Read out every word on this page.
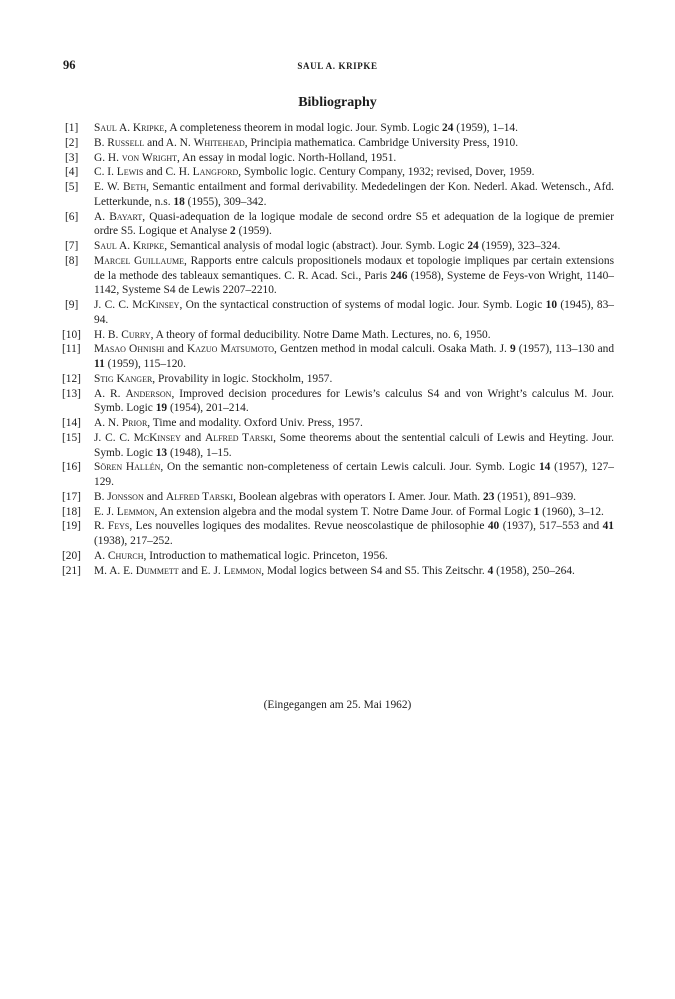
96	SAUL A. KRIPKE
Bibliography
[1] Saul A. Kripke, A completeness theorem in modal logic. Jour. Symb. Logic 24 (1959), 1–14.
[2] B. Russell and A. N. Whitehead, Principia mathematica. Cambridge University Press, 1910.
[3] G. H. von Wright, An essay in modal logic. North-Holland, 1951.
[4] C. I. Lewis and C. H. Langford, Symbolic logic. Century Company, 1932; revised, Dover, 1959.
[5] E. W. Beth, Semantic entailment and formal derivability. Mededelingen der Kon. Nederl. Akad. Wetensch., Afd. Letterkunde, n.s. 18 (1955), 309–342.
[6] A. Bayart, Quasi-adequation de la logique modale de second ordre S5 et adequation de la logique de premier ordre S5. Logique et Analyse 2 (1959).
[7] Saul A. Kripke, Semantical analysis of modal logic (abstract). Jour. Symb. Logic 24 (1959), 323–324.
[8] Marcel Guillaume, Rapports entre calculs propositionels modaux et topologie impliques par certain extensions de la methode des tableaux semantiques. C. R. Acad. Sci., Paris 246 (1958), Systeme de Feys-von Wright, 1140–1142, Systeme S4 de Lewis 2207–2210.
[9] J. C. C. McKinsey, On the syntactical construction of systems of modal logic. Jour. Symb. Logic 10 (1945), 83–94.
[10] H. B. Curry, A theory of formal deducibility. Notre Dame Math. Lectures, no. 6, 1950.
[11] Masao Ohnishi and Kazuo Matsumoto, Gentzen method in modal calculi. Osaka Math. J. 9 (1957), 113–130 and 11 (1959), 115–120.
[12] Stig Kanger, Provability in logic. Stockholm, 1957.
[13] A. R. Anderson, Improved decision procedures for Lewis’s calculus S4 and von Wright’s calculus M. Jour. Symb. Logic 19 (1954), 201–214.
[14] A. N. Prior, Time and modality. Oxford Univ. Press, 1957.
[15] J. C. C. McKinsey and Alfred Tarski, Some theorems about the sentential calculi of Lewis and Heyting. Jour. Symb. Logic 13 (1948), 1–15.
[16] Sören Hallén, On the semantic non-completeness of certain Lewis calculi. Jour. Symb. Logic 14 (1957), 127–129.
[17] B. Jonsson and Alfred Tarski, Boolean algebras with operators I. Amer. Jour. Math. 23 (1951), 891–939.
[18] E. J. Lemmon, An extension algebra and the modal system T. Notre Dame Jour. of Formal Logic 1 (1960), 3–12.
[19] R. Feys, Les nouvelles logiques des modalites. Revue neoscolastique de philosophie 40 (1937), 517–553 and 41 (1938), 217–252.
[20] A. Church, Introduction to mathematical logic. Princeton, 1956.
[21] M. A. E. Dummett and E. J. Lemmon, Modal logics between S4 and S5. This Zeitschr. 4 (1958), 250–264.
(Eingegangen am 25. Mai 1962)
